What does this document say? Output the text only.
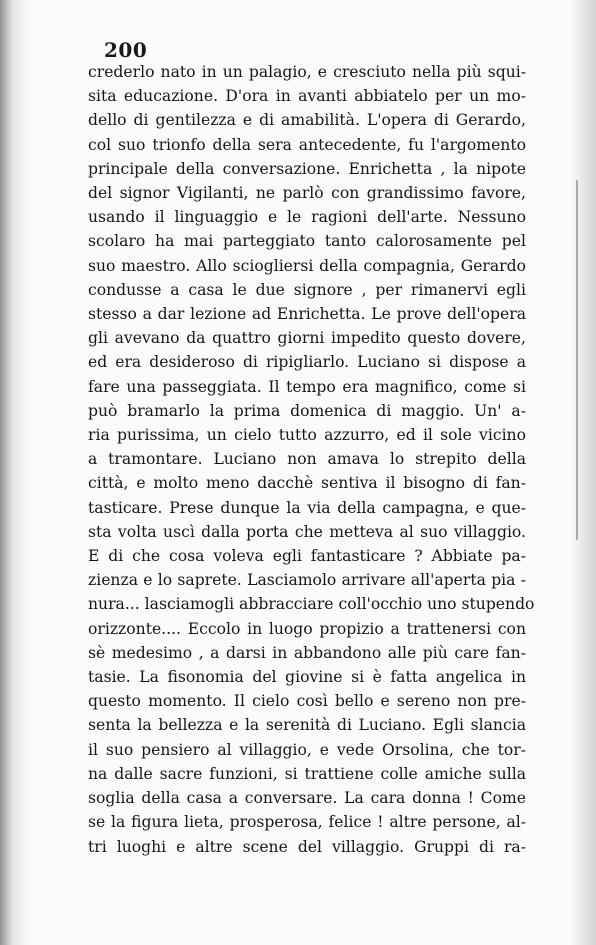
200
crederlo nato in un palagio, e cresciuto nella più squi-
sita educazione. D'ora in avanti abbiatelo per un mo-
dello di gentilezza e di amabilità. L'opera di Gerardo,
col suo trionfo della sera antecedente, fu l'argomento
principale della conversazione. Enrichetta , la nipote
del signor Vigilanti, ne parlò con grandissimo favore,
usando il linguaggio e le ragioni dell'arte. Nessuno
scolaro ha mai parteggiato tanto calorosamente pel
suo maestro. Allo sciogliersi della compagnia, Gerardo
condusse a casa le due signore , per rimanervi egli
stesso a dar lezione ad Enrichetta. Le prove dell'opera
gli avevano da quattro giorni impedito questo dovere,
ed era desideroso di ripigliarlo. Luciano si dispose a
fare una passeggiata. Il tempo era magnifico, come si
può bramarlo la prima domenica di maggio. Un' a-
ria purissima, un cielo tutto azzurro, ed il sole vicino
a tramontare. Luciano non amava lo strepito della
città, e molto meno dacchè sentiva il bisogno di fan-
tasticare. Prese dunque la via della campagna, e que-
sta volta uscì dalla porta che metteva al suo villaggio.
E di che cosa voleva egli fantasticare ? Abbiate pa-
zienza e lo saprete. Lasciamolo arrivare all'aperta pia -
nura... lasciamogli abbracciare coll'occhio uno stupendo
orizzonte.... Eccolo in luogo propizio a trattenersi con
sè medesimo , a darsi in abbandono alle più care fan-
tasie. La fisonomia del giovine si è fatta angelica in
questo momento. Il cielo così bello e sereno non pre-
senta la bellezza e la serenità di Luciano. Egli slancia
il suo pensiero al villaggio, e vede Orsolina, che tor-
na dalle sacre funzioni, si trattiene colle amiche sulla
soglia della casa a conversare. La cara donna ! Come
se la figura lieta, prosperosa, felice ! altre persone, al-
tri luoghi e altre scene del villaggio. Gruppi di ra-
